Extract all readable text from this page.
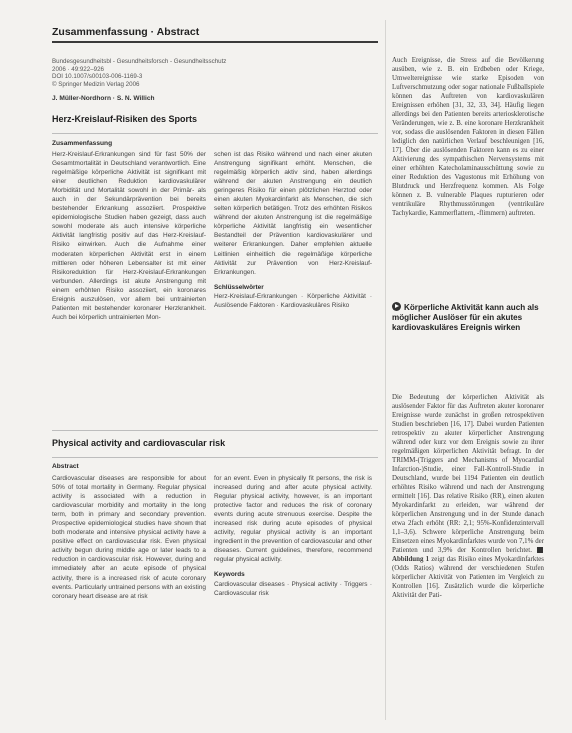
Zusammenfassung · Abstract
Bundesgesundheitsbl - Gesundheitsforsch - Gesundheitsschutz 2006 · 49:922–926
DOI 10.1007/s00103-006-1169-3
© Springer Medizin Verlag 2006
J. Müller-Nordhorn · S. N. Willich
Herz-Kreislauf-Risiken des Sports
Zusammenfassung

Herz-Kreislauf-Erkrankungen sind für fast 50% der Gesamtmortalität in Deutschland verantwortlich. Eine regelmäßige körperliche Aktivität ist signifikant mit einer deutlichen Reduktion kardiovaskulärer Morbidität und Mortalität sowohl in der Primär- als auch in der Sekundärprävention bei bereits bestehender Erkrankung assoziiert. Prospektive epidemiologische Studien haben gezeigt, dass auch sowohl moderate als auch intensive körperliche Aktivität langfristig positiv auf das Herz-Kreislauf-Risiko einwirken. Auch die Aufnahme einer moderaten körperlichen Aktivität erst in einem mittleren oder höheren Lebensalter ist mit einer Risikoreduktion für Herz-Kreislauf-Erkrankungen verbunden. Allerdings ist akute Anstrengung mit einem erhöhten Risiko assoziiert, ein koronares Ereignis auszulösen, vor allem bei untrainierten Patienten mit bestehender koronarer Herzkrankheit. Auch bei körperlich untrainierten Mon-

schen ist das Risiko während und nach einer akuten Anstrengung signifikant erhöht. Menschen, die regelmäßig körperlich aktiv sind, haben allerdings während der akuten Anstrengung ein deutlich geringeres Risiko für einen plötzlichen Herztod oder einen akuten Myokardinfarkt als Menschen, die sich selten körperlich betätigen. Trotz des erhöhten Risikos während der akuten Anstrengung ist die regelmäßige körperliche Aktivität langfristig ein wesentlicher Bestandteil der Prävention kardiovaskulärer und weiterer Erkrankungen. Daher empfehlen aktuelle Leitlinien einheitlich die regelmäßige körperliche Aktivität zur Prävention von Herz-Kreislauf-Erkrankungen.

Schlüsselwörter

Herz-Kreislauf-Erkrankungen · Körperliche Aktivität · Auslösende Faktoren · Kardiovaskuläres Risiko

Physical activity and cardiovascular risk
Abstract

Cardiovascular diseases are responsible for about 50% of total mortality in Germany. Regular physical activity is associated with a reduction in cardiovascular morbidity and mortality in the long term, both in primary and secondary prevention. Prospective epidemiological studies have shown that both moderate and intensive physical activity have a positive effect on cardiovascular risk. Even physical activity begun during middle age or later leads to a reduction in cardiovascular risk. However, during and immediately after an acute episode of physical activity, there is a increased risk of acute coronary events. Particularly untrained persons with an existing coronary heart disease are at risk

for an event. Even in physically fit persons, the risk is increased during and after acute physical activity. Regular physical activity, however, is an important protective factor and reduces the risk of coronary events during acute strenuous exercise. Despite the increased risk during acute episodes of physical activity, regular physical activity is an important ingredient in the prevention of cardiovascular and other diseases. Current guidelines, therefore, recommend regular physical activity.

Keywords

Cardiovascular diseases · Physical activity · Triggers · Cardiovascular risk

Auch Ereignisse, die Stress auf die Bevölkerung ausüben, wie z. B. ein Erdbeben oder Kriege, Umweltereignisse wie starke Episoden von Luftverschmutzung oder sogar nationale Fußballspiele können das Auftreten von kardiovaskulären Ereignissen erhöhen [31, 32, 33, 34]. Häufig liegen allerdings bei den Patienten bereits arteriosklerotische Veränderungen, wie z. B. eine koronare Herzkrankheit vor, sodass die auslösenden Faktoren in diesen Fällen lediglich den natürlichen Verlauf beschleunigen [16, 17]. Über die auslösenden Faktoren kann es zu einer Aktivierung des sympathischen Nervensystems mit einer erhöhten Katecholaminausschüttung sowie zu einer Reduktion des Vagustonus mit Erhöhung von Blutdruck und Herzfrequenz kommen. Als Folge können z. B. vulnerable Plaques rupturieren oder ventrikuläre Rhythmusstörungen (ventrikuläre Tachykardie, Kammerflattern, -flimmern) auftreten.

Körperliche Aktivität kann auch als möglicher Auslöser für ein akutes kardiovaskuläres Ereignis wirken

Die Bedeutung der körperlichen Aktivität als auslösender Faktor für das Auftreten akuter koronarer Ereignisse wurde zunächst in großen retrospektiven Studien beschrieben [16, 17]. Dabei wurden Patienten retrospektiv zu akuter körperlicher Anstrengung während oder kurz vor dem Ereignis sowie zu ihrer regelmäßigen körperlichen Aktivität befragt. In der TRIMM-(Triggers and Mechanisms of Myocardial Infarction-)Studie, einer Fall-Kontroll-Studie in Deutschland, wurde bei 1194 Patienten ein deutlich erhöhtes Risiko während und nach der Anstrengung ermittelt [16]. Das relative Risiko (RR), einen akuten Myokardinfarkt zu erleiden, war während der körperlichen Anstrengung und in der Stunde danach etwa 2fach erhöht (RR: 2,1; 95%-Konfidenzintervall 1,1–3,6). Schwere körperliche Anstrengung beim Einsetzen eines Myokardinfarktes wurde von 7,1% der Patienten und 3,9% der Kontrollen berichtet. Abbildung 1 zeigt das Risiko eines Myokardinfarktes (Odds Ratios) während der verschiedenen Stufen körperlicher Aktivität von Patienten im Vergleich zu Kontrollen [16]. Zusätzlich wurde die körperliche Aktivität der Pati-
